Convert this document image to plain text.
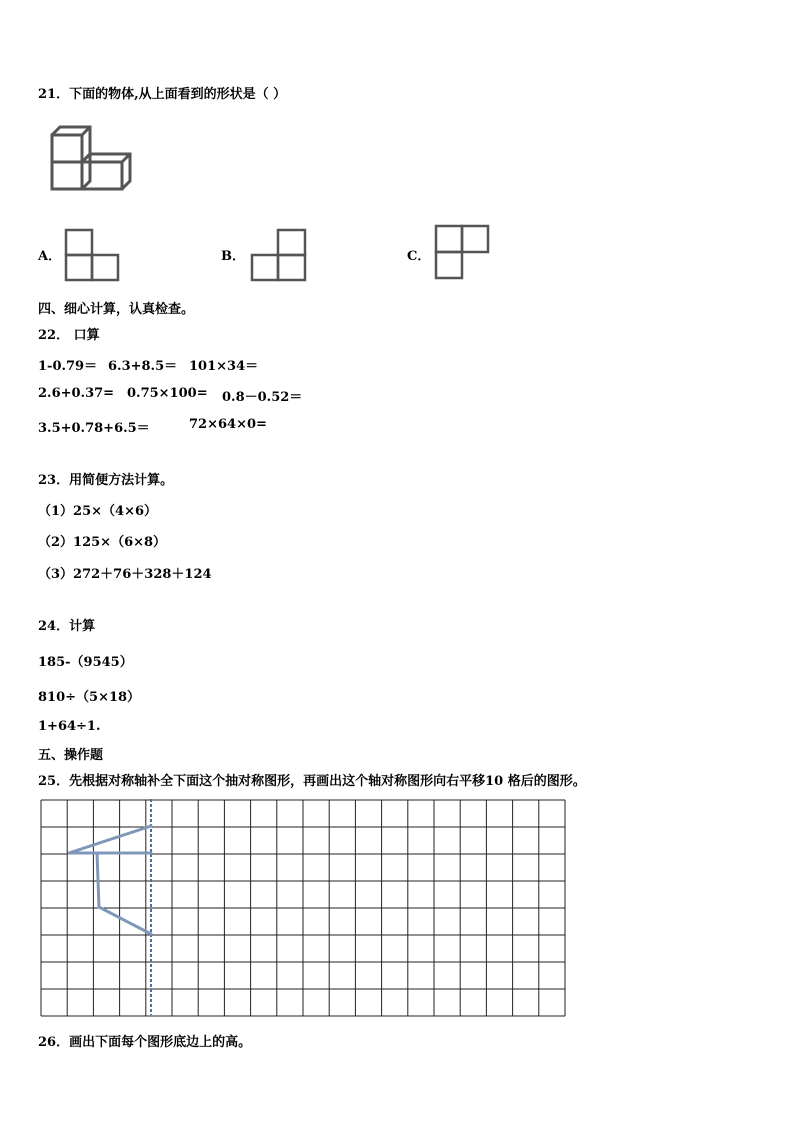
21．下面的物体,从上面看到的形状是（ ）
A．	B．	C．
四、细心计算，认真检查。
22． 口算
1-0.79＝ 6.3+8.5＝ 101×34＝
2.6+0.37= 0.75×100= 0.8－0.52＝
3.5+0.78+6.5＝	72×64×0=
23．用简便方法计算。
（1）25×（4×6）
（2）125×（6×8）
（3）272＋76＋328＋124
24．计算
185-（9545）
810÷（5×18）
1+64÷1.
五、操作题
25．先根据对称轴补全下面这个抽对称图形，再画出这个轴对称图形向右平移10 格后的图形。
26．画出下面每个图形底边上的高。
